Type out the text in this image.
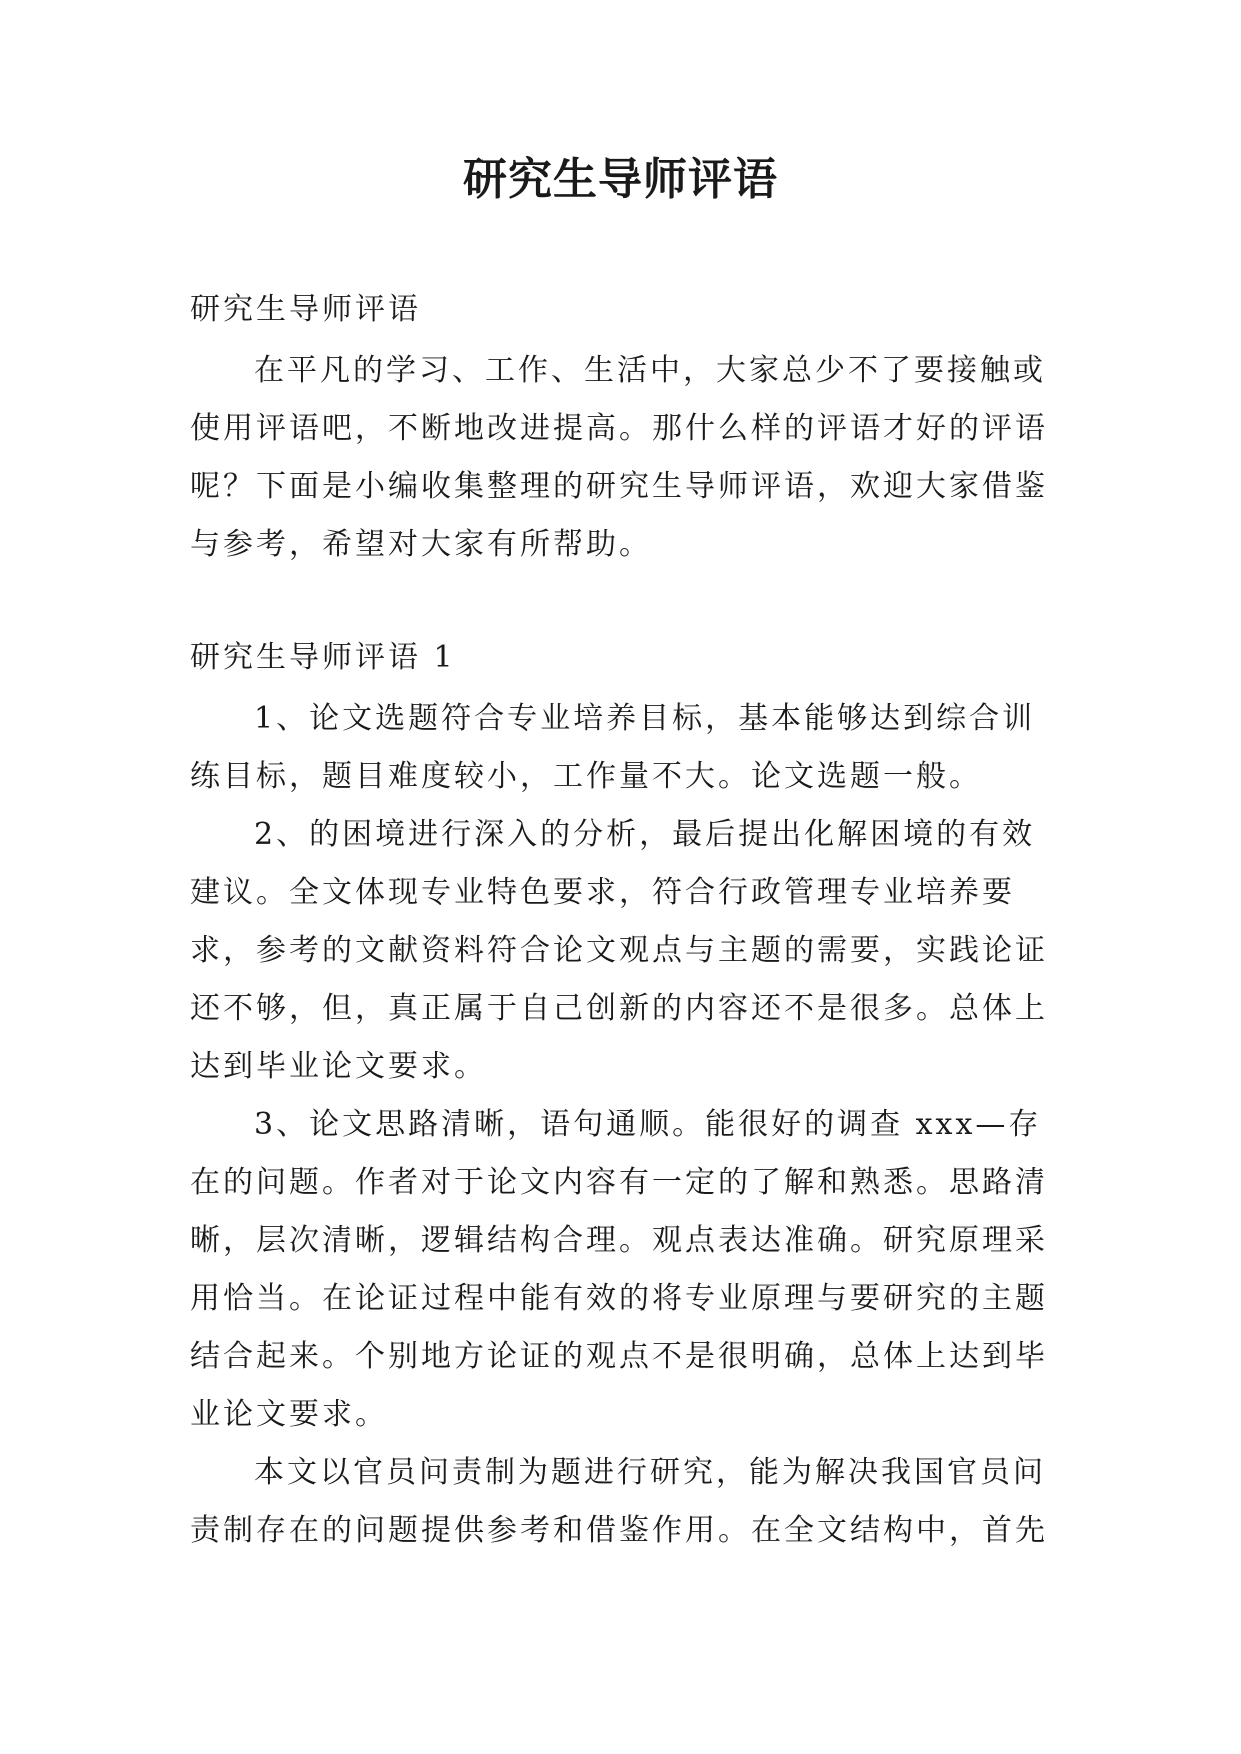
研究生导师评语

研究生导师评语

在平凡的学习、工作、生活中，大家总少不了要接触或使用评语吧，不断地改进提高。那什么样的评语才好的评语呢？下面是小编收集整理的研究生导师评语，欢迎大家借鉴与参考，希望对大家有所帮助。

研究生导师评语 1

1、论文选题符合专业培养目标，基本能够达到综合训练目标，题目难度较小，工作量不大。论文选题一般。

2、的困境进行深入的分析，最后提出化解困境的有效建议。全文体现专业特色要求，符合行政管理专业培养要求，参考的文献资料符合论文观点与主题的需要，实践论证还不够，但，真正属于自己创新的内容还不是很多。总体上达到毕业论文要求。

3、论文思路清晰，语句通顺。能很好的调查 xxx—存在的问题。作者对于论文内容有一定的了解和熟悉。思路清晰，层次清晰，逻辑结构合理。观点表达准确。研究原理采用恰当。在论证过程中能有效的将专业原理与要研究的主题结合起来。个别地方论证的观点不是很明确，总体上达到毕业论文要求。

本文以官员问责制为题进行研究，能为解决我国官员问责制存在的问题提供参考和借鉴作用。在全文结构中，首先
